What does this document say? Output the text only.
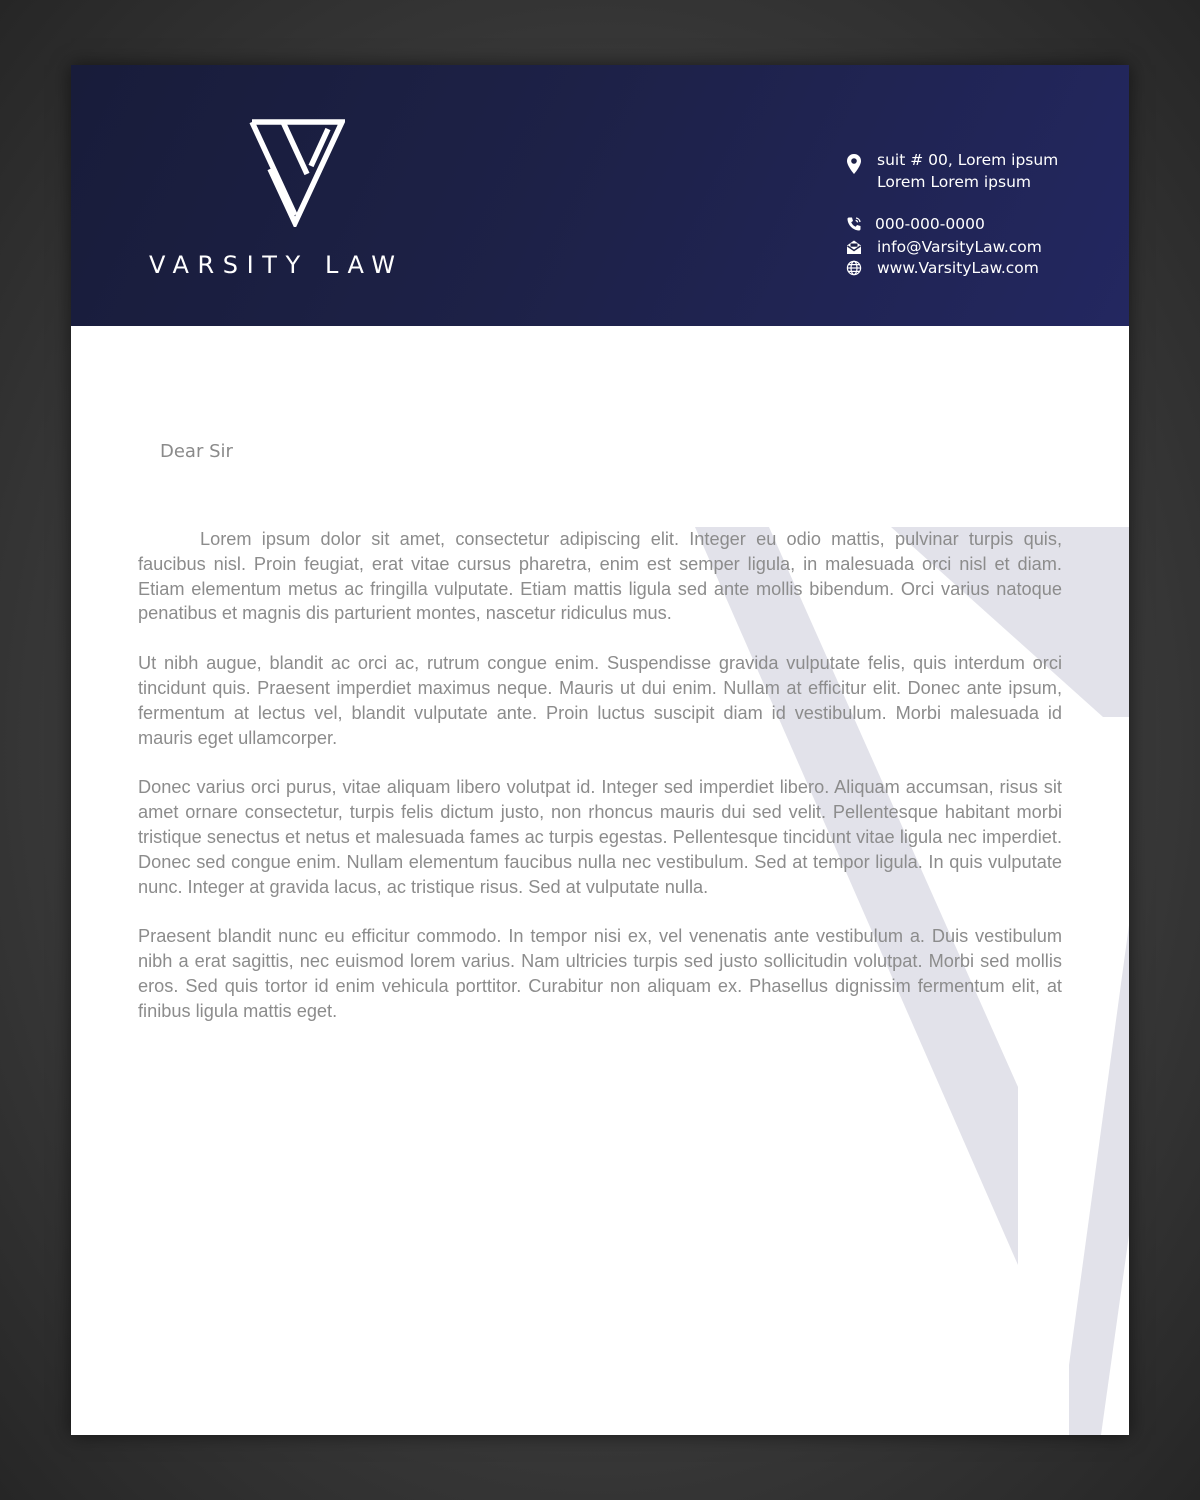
VARSITY LAW
suit # 00, Lorem ipsum
Lorem Lorem ipsum
000-000-0000
info@VarsityLaw.com
www.VarsityLaw.com
Dear Sir

Lorem ipsum dolor sit amet, consectetur adipiscing elit. Integer eu odio mattis, pulvinar turpis quis, faucibus nisl. Proin feugiat, erat vitae cursus pharetra, enim est semper ligula, in malesuada orci nisl et diam. Etiam elementum metus ac fringilla vulputate. Etiam mattis ligula sed ante mollis bibendum. Orci varius natoque penatibus et magnis dis parturient montes, nascetur ridiculus mus.

Ut nibh augue, blandit ac orci ac, rutrum congue enim. Suspendisse gravida vulputate felis, quis interdum orci tincidunt quis. Praesent imperdiet maximus neque. Mauris ut dui enim. Nullam at efficitur elit. Donec ante ipsum, fermentum at lectus vel, blandit vulputate ante. Proin luctus suscipit diam id vestibulum. Morbi malesuada id mauris eget ullamcorper.

Donec varius orci purus, vitae aliquam libero volutpat id. Integer sed imperdiet libero. Aliquam accumsan, risus sit amet ornare consectetur, turpis felis dictum justo, non rhoncus mauris dui sed velit. Pellentesque habitant morbi tristique senectus et netus et malesuada fames ac turpis egestas. Pellentesque tincidunt vitae ligula nec imperdiet. Donec sed congue enim. Nullam elementum faucibus nulla nec vestibulum. Sed at tempor ligula. In quis vulputate nunc. Integer at gravida lacus, ac tristique risus. Sed at vulputate nulla.

Praesent blandit nunc eu efficitur commodo. In tempor nisi ex, vel venenatis ante vestibulum a. Duis vestibulum nibh a erat sagittis, nec euismod lorem varius. Nam ultricies turpis sed justo sollicitudin volutpat. Morbi sed mollis eros. Sed quis tortor id enim vehicula porttitor. Curabitur non aliquam ex. Phasellus dignissim fermentum elit, at finibus ligula mattis eget.
